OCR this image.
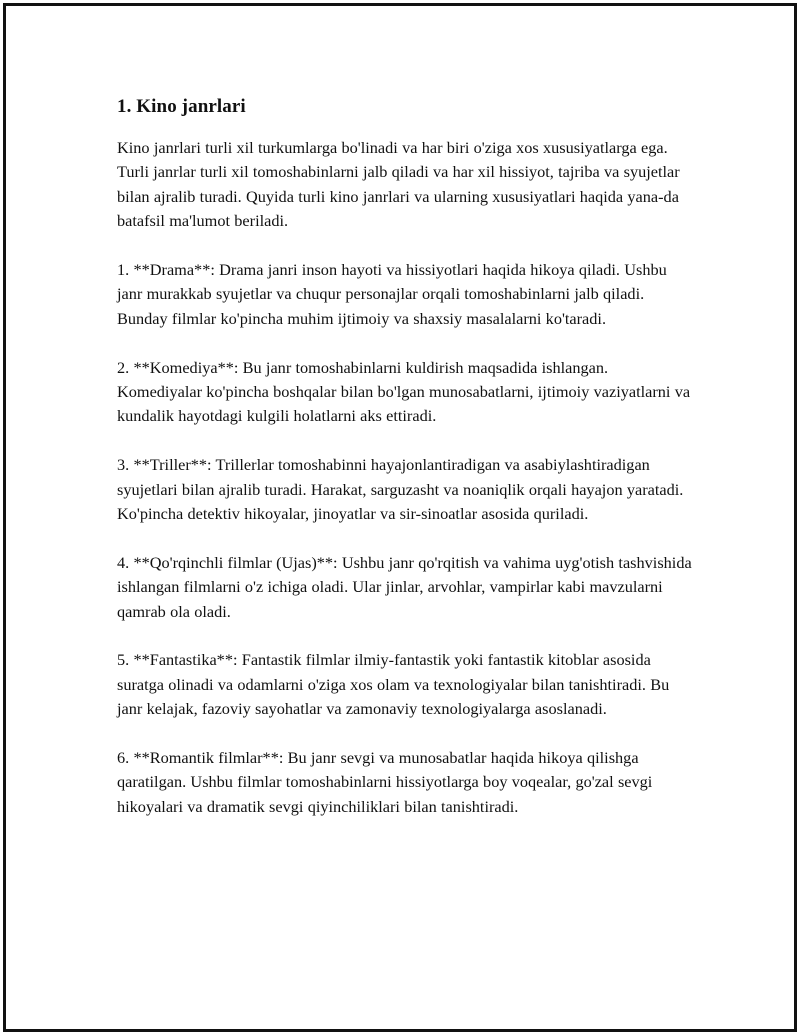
1. Kino janrlari

Kino janrlari turli xil turkumlarga bo'linadi va har biri o'ziga xos xususiyatlarga ega. Turli janrlar turli xil tomoshabinlarni jalb qiladi va har xil hissiyot, tajriba va syujetlar bilan ajralib turadi. Quyida turli kino janrlari va ularning xususiyatlari haqida yana-da batafsil ma'lumot beriladi.

1. **Drama**: Drama janri inson hayoti va hissiyotlari haqida hikoya qiladi. Ushbu janr murakkab syujetlar va chuqur personajlar orqali tomoshabinlarni jalb qiladi. Bunday filmlar ko'pincha muhim ijtimoiy va shaxsiy masalalarni ko'taradi.

2. **Komediya**: Bu janr tomoshabinlarni kuldirish maqsadida ishlangan. Komediyalar ko'pincha boshqalar bilan bo'lgan munosabatlarni, ijtimoiy vaziyatlarni va kundalik hayotdagi kulgili holatlarni aks ettiradi.

3. **Triller**: Trillerlar tomoshabinni hayajonlantiradigan va asabiylashtiradigan syujetlari bilan ajralib turadi. Harakat, sarguzasht va noaniqlik orqali hayajon yaratadi. Ko'pincha detektiv hikoyalar, jinoyatlar va sir-sinoatlar asosida quriladi.

4. **Qo'rqinchli filmlar (Ujas)**: Ushbu janr qo'rqitish va vahima uyg'otish tashvishida ishlangan filmlarni o'z ichiga oladi. Ular jinlar, arvohlar, vampirlar kabi mavzularni qamrab ola oladi.

5. **Fantastika**: Fantastik filmlar ilmiy-fantastik yoki fantastik kitoblar asosida suratga olinadi va odamlarni o'ziga xos olam va texnologiyalar bilan tanishtiradi. Bu janr kelajak, fazoviy sayohatlar va zamonaviy texnologiyalarga asoslanadi.

6. **Romantik filmlar**: Bu janr sevgi va munosabatlar haqida hikoya qilishga qaratilgan. Ushbu filmlar tomoshabinlarni hissiyotlarga boy voqealar, go'zal sevgi hikoyalari va dramatik sevgi qiyinchiliklari bilan tanishtiradi.
